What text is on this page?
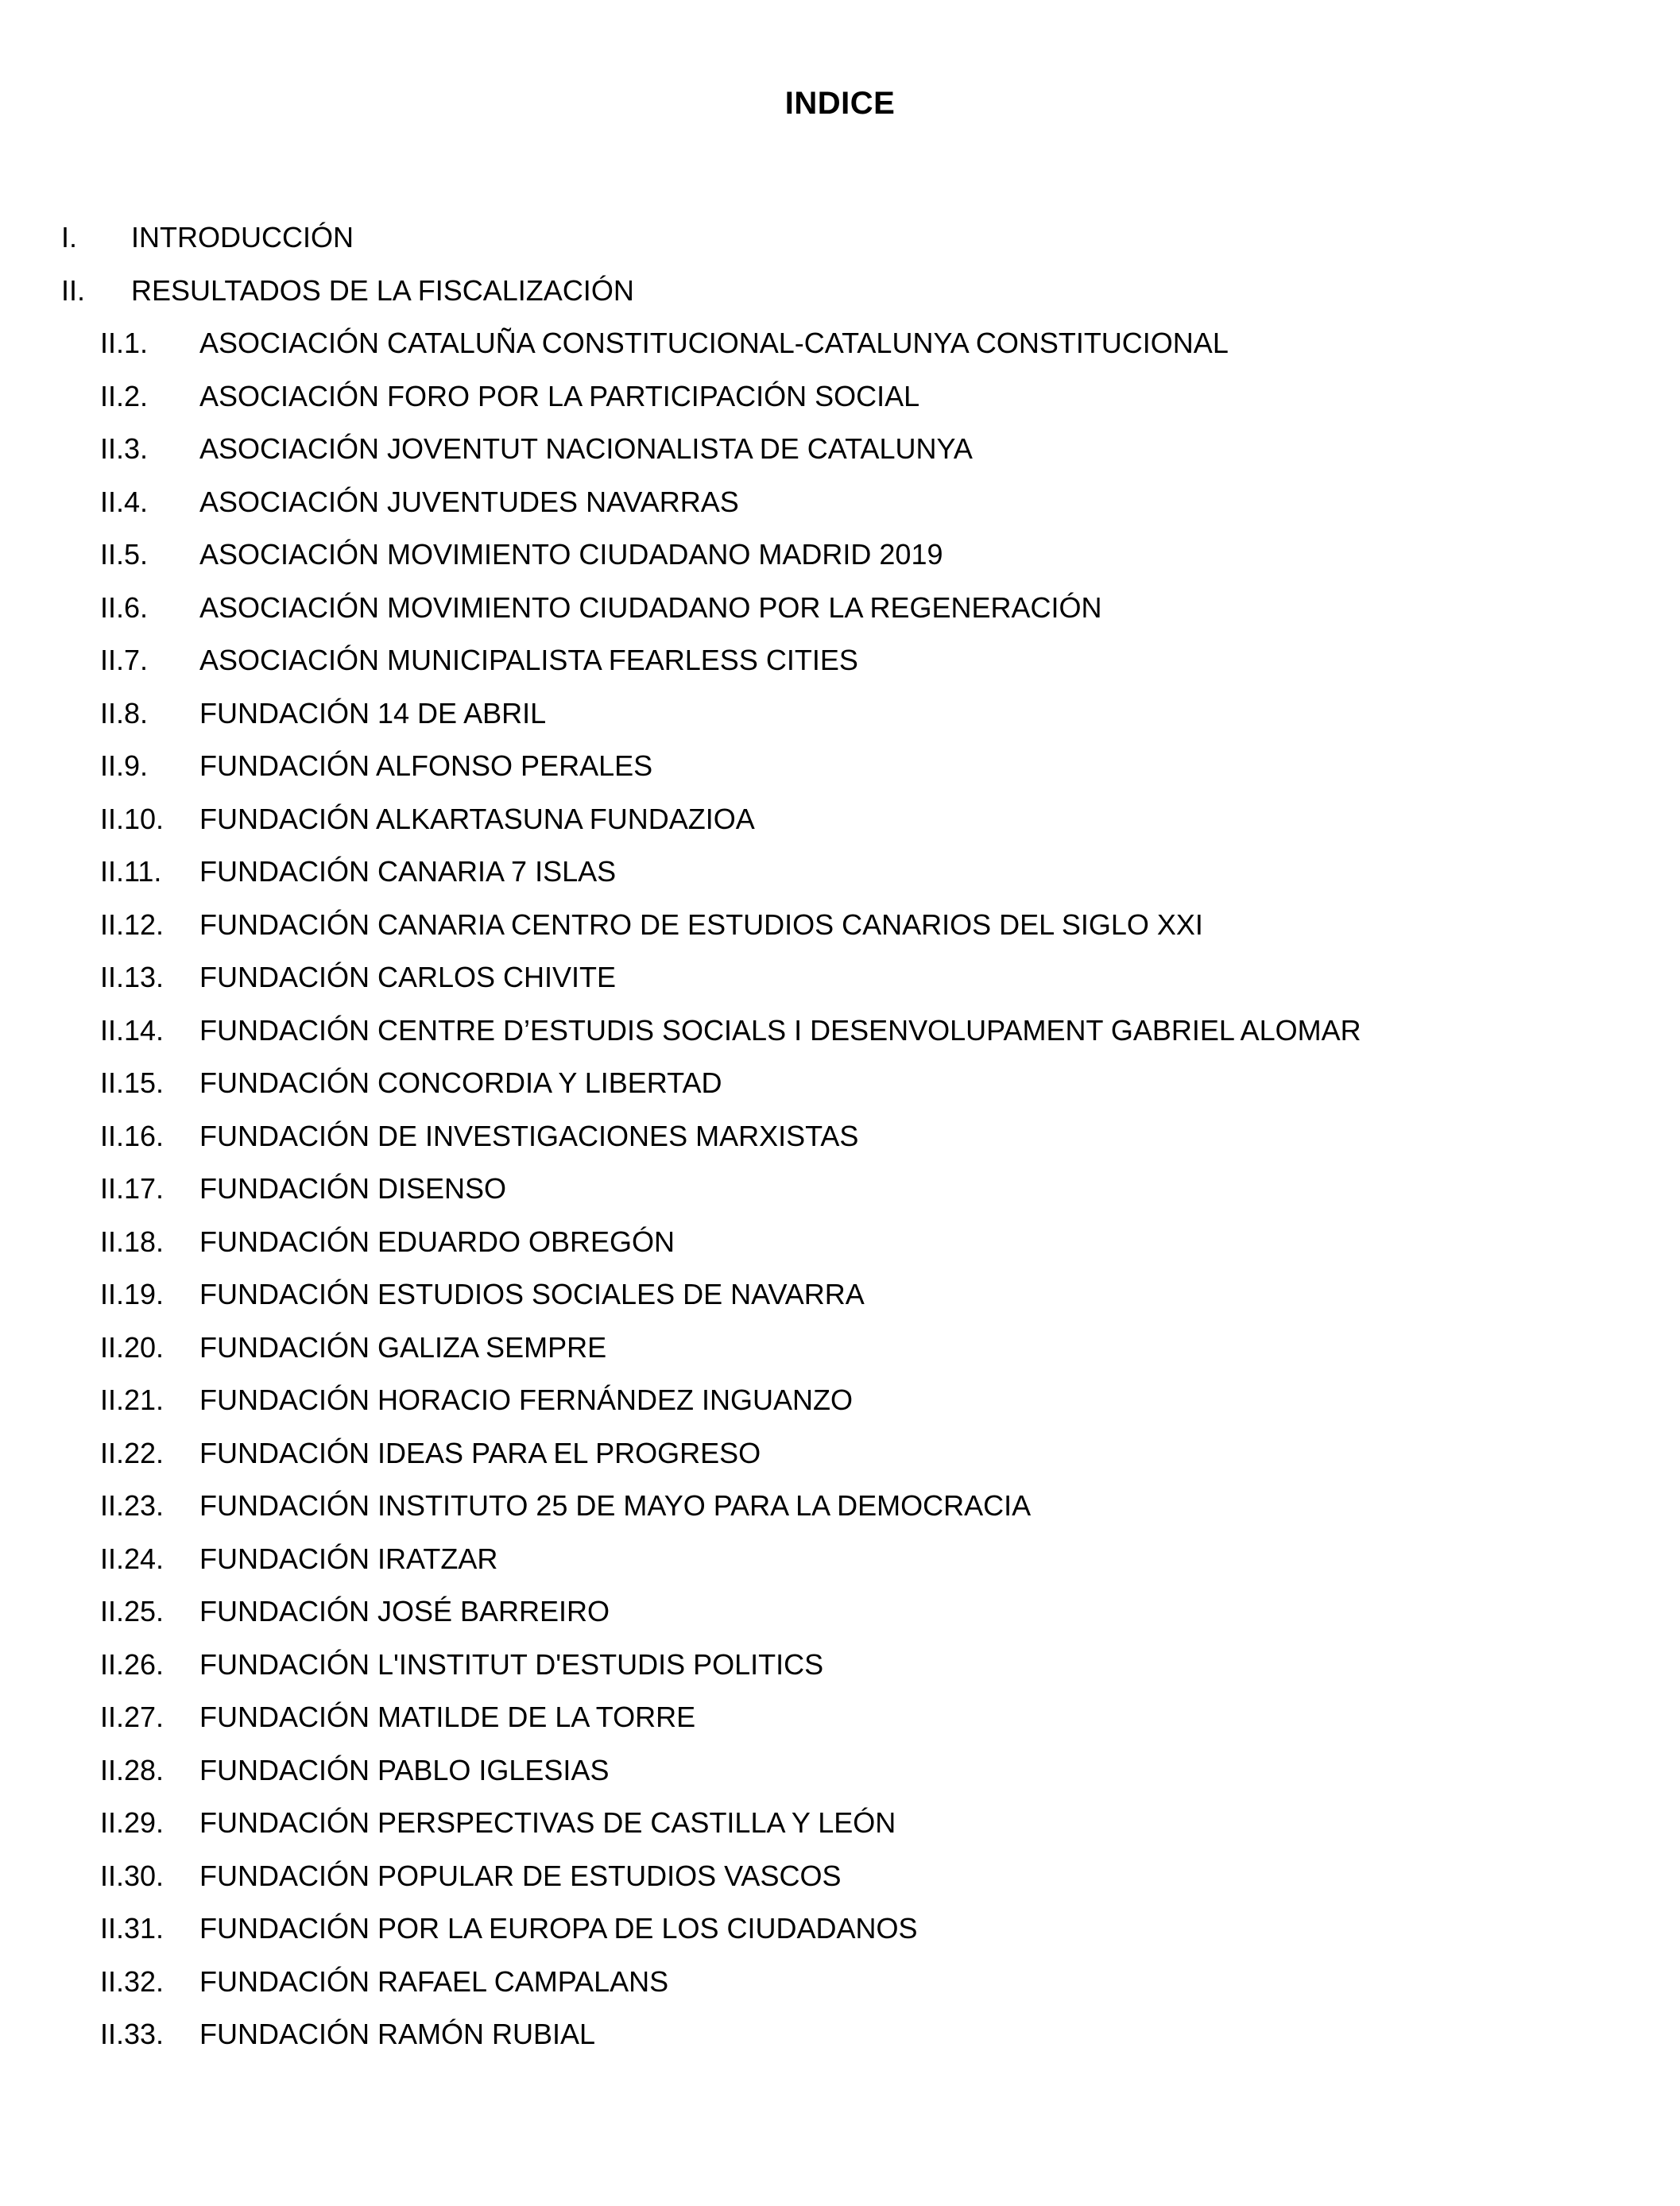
INDICE
I. INTRODUCCIÓN
II. RESULTADOS DE LA FISCALIZACIÓN
II.1. ASOCIACIÓN CATALUÑA CONSTITUCIONAL-CATALUNYA CONSTITUCIONAL
II.2. ASOCIACIÓN FORO POR LA PARTICIPACIÓN SOCIAL
II.3. ASOCIACIÓN JOVENTUT NACIONALISTA DE CATALUNYA
II.4. ASOCIACIÓN JUVENTUDES NAVARRAS
II.5. ASOCIACIÓN MOVIMIENTO CIUDADANO MADRID 2019
II.6. ASOCIACIÓN MOVIMIENTO CIUDADANO POR LA REGENERACIÓN
II.7. ASOCIACIÓN MUNICIPALISTA FEARLESS CITIES
II.8. FUNDACIÓN 14 DE ABRIL
II.9. FUNDACIÓN ALFONSO PERALES
II.10. FUNDACIÓN ALKARTASUNA FUNDAZIOA
II.11. FUNDACIÓN CANARIA 7 ISLAS
II.12. FUNDACIÓN CANARIA CENTRO DE ESTUDIOS CANARIOS DEL SIGLO XXI
II.13. FUNDACIÓN CARLOS CHIVITE
II.14. FUNDACIÓN CENTRE D’ESTUDIS SOCIALS I DESENVOLUPAMENT GABRIEL ALOMAR
II.15. FUNDACIÓN CONCORDIA Y LIBERTAD
II.16. FUNDACIÓN DE INVESTIGACIONES MARXISTAS
II.17. FUNDACIÓN DISENSO
II.18. FUNDACIÓN EDUARDO OBREGÓN
II.19. FUNDACIÓN ESTUDIOS SOCIALES DE NAVARRA
II.20. FUNDACIÓN GALIZA SEMPRE
II.21. FUNDACIÓN HORACIO FERNÁNDEZ INGUANZO
II.22. FUNDACIÓN IDEAS PARA EL PROGRESO
II.23. FUNDACIÓN INSTITUTO 25 DE MAYO PARA LA DEMOCRACIA
II.24. FUNDACIÓN IRATZAR
II.25. FUNDACIÓN JOSÉ BARREIRO
II.26. FUNDACIÓN L'INSTITUT D'ESTUDIS POLITICS
II.27. FUNDACIÓN MATILDE DE LA TORRE
II.28. FUNDACIÓN PABLO IGLESIAS
II.29. FUNDACIÓN PERSPECTIVAS DE CASTILLA Y LEÓN
II.30. FUNDACIÓN POPULAR DE ESTUDIOS VASCOS
II.31. FUNDACIÓN POR LA EUROPA DE LOS CIUDADANOS
II.32. FUNDACIÓN RAFAEL CAMPALANS
II.33. FUNDACIÓN RAMÓN RUBIAL
